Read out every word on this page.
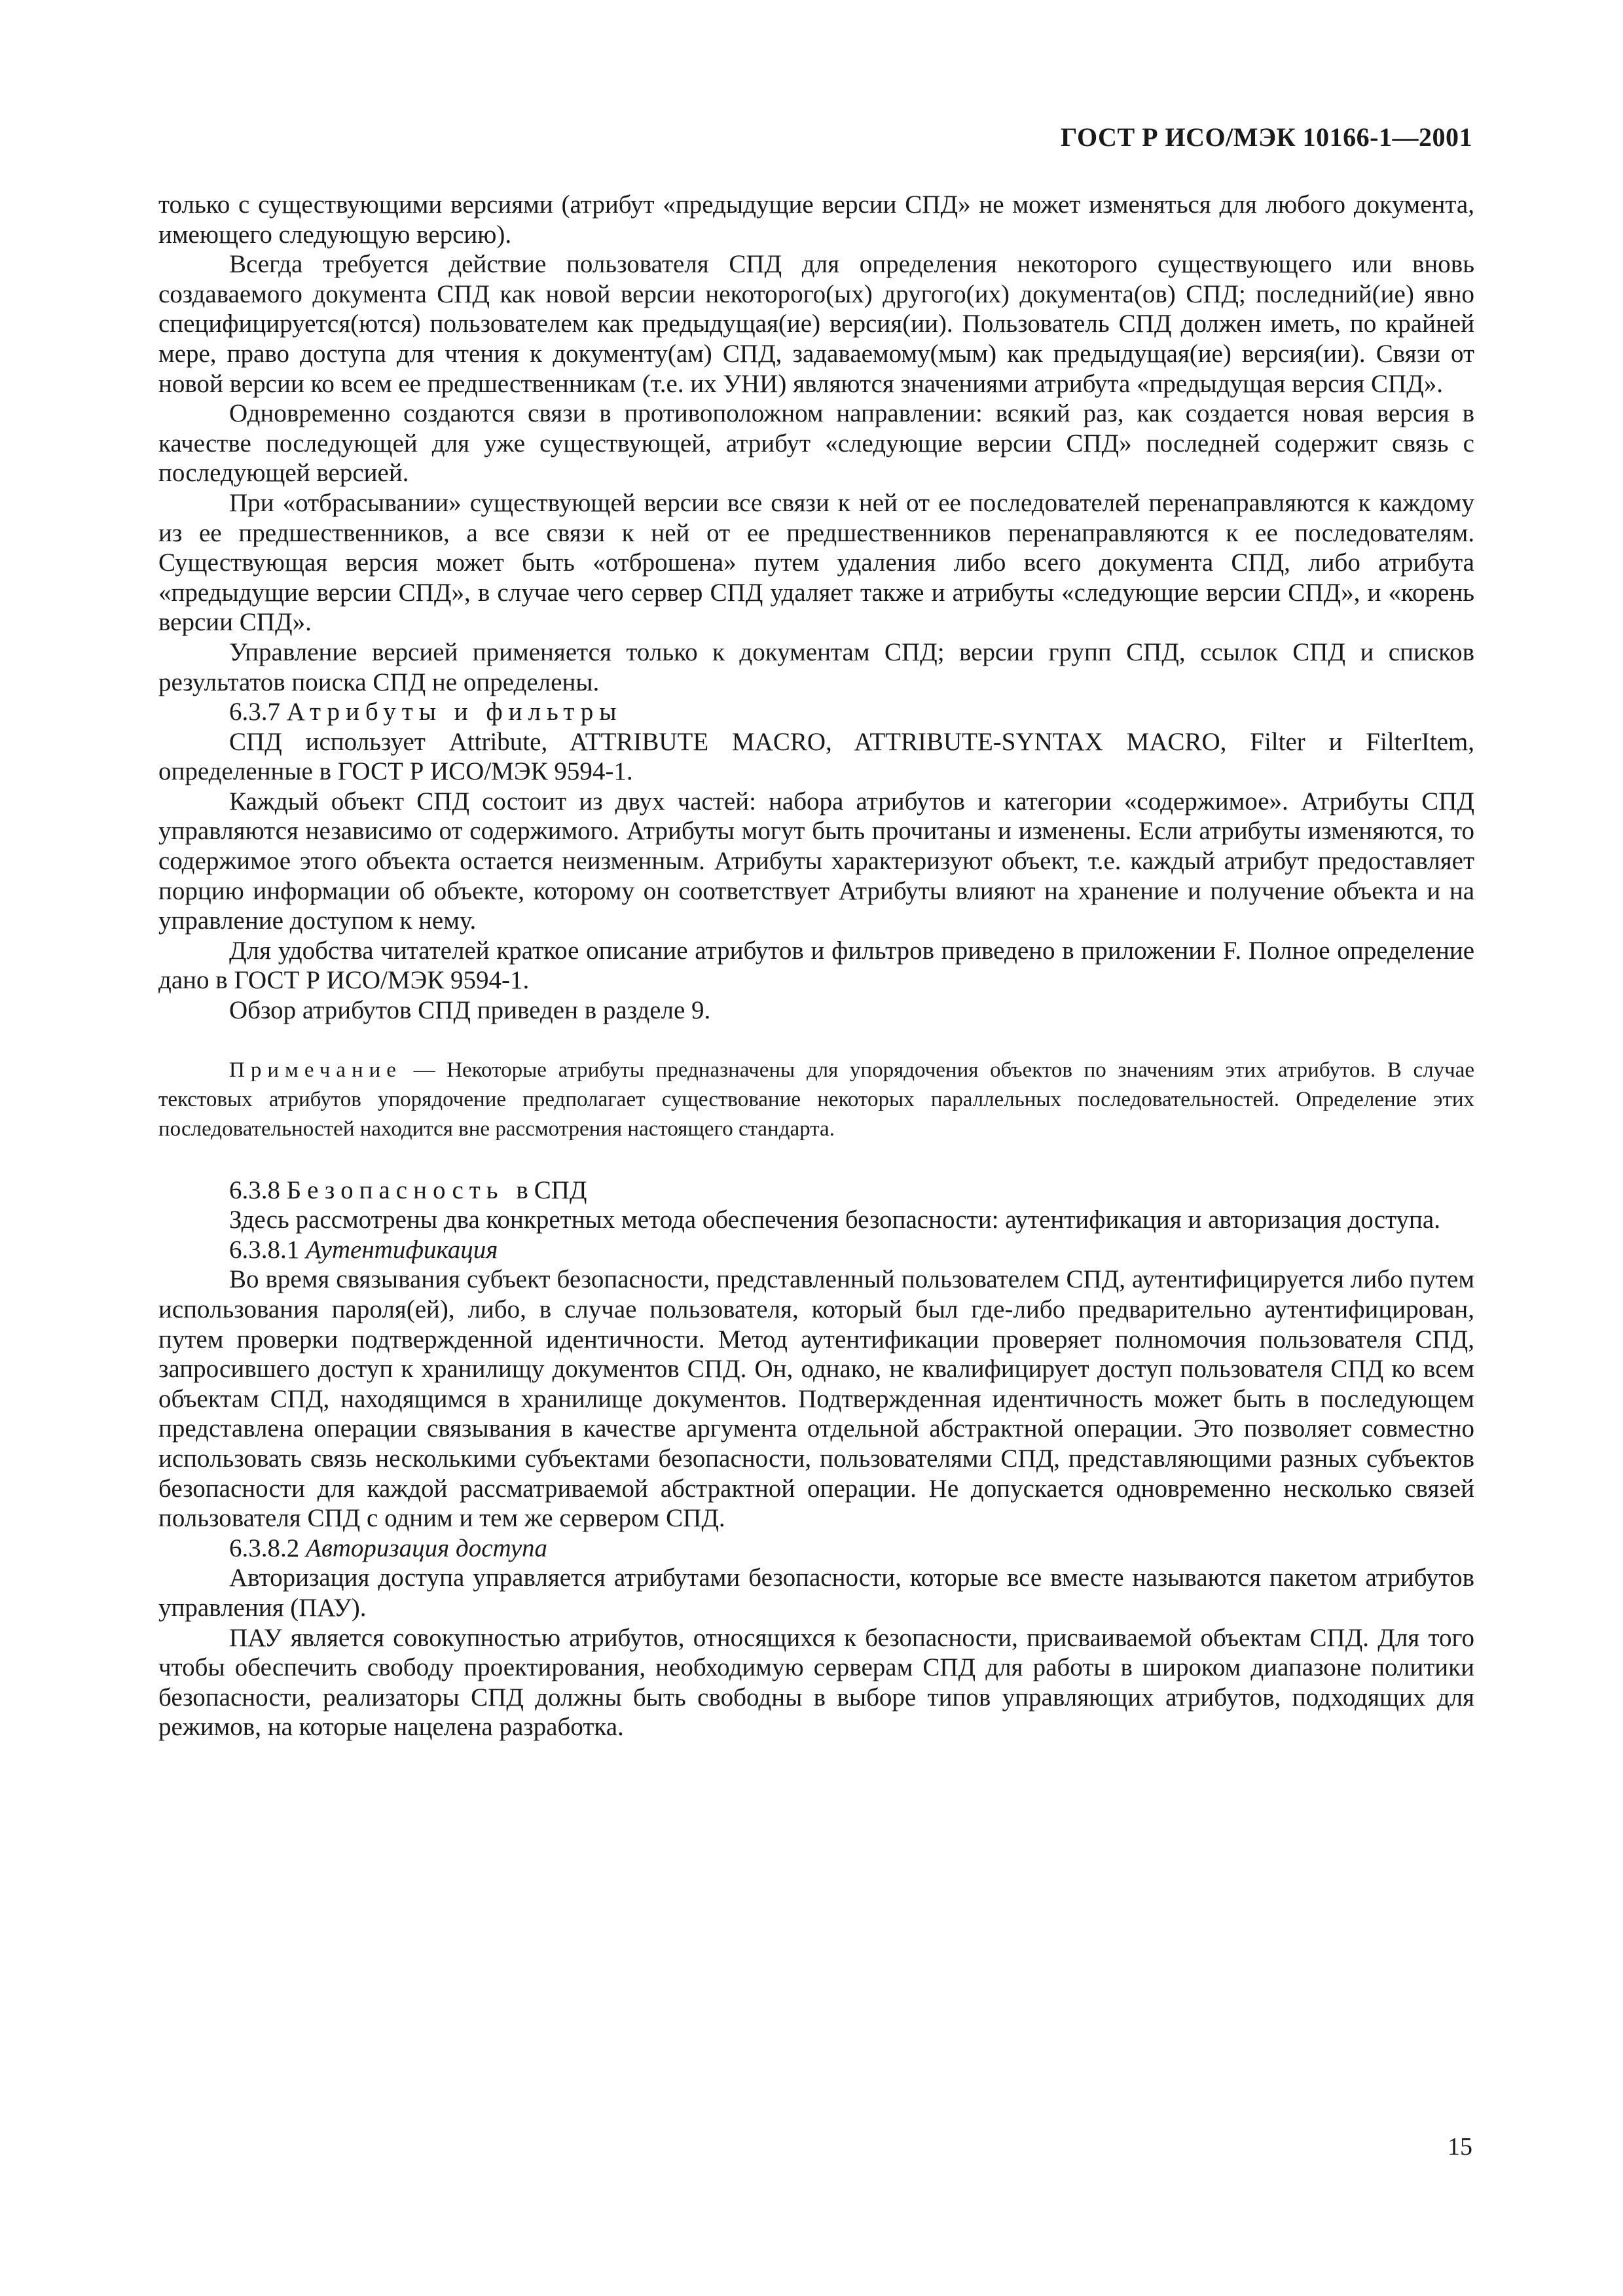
ГОСТ Р ИСО/МЭК 10166-1—2001

только с существующими версиями (атрибут «предыдущие версии СПД» не может изменяться для любого документа, имеющего следующую версию).

Всегда требуется действие пользователя СПД для определения некоторого существующего или вновь создаваемого документа СПД как новой версии некоторого(ых) другого(их) документа(ов) СПД; последний(ие) явно специфицируется(ются) пользователем как предыдущая(ие) версия(ии). Пользователь СПД должен иметь, по крайней мере, право доступа для чтения к документу(ам) СПД, задаваемому(мым) как предыдущая(ие) версия(ии). Связи от новой версии ко всем ее предшественникам (т.е. их УНИ) являются значениями атрибута «предыдущая версия СПД».

Одновременно создаются связи в противоположном направлении: всякий раз, как создается новая версия в качестве последующей для уже существующей, атрибут «следующие версии СПД» последней содержит связь с последующей версией.

При «отбрасывании» существующей версии все связи к ней от ее последователей перенаправляются к каждому из ее предшественников, а все связи к ней от ее предшественников перенаправляются к ее последователям. Существующая версия может быть «отброшена» путем удаления либо всего документа СПД, либо атрибута «предыдущие версии СПД», в случае чего сервер СПД удаляет также и атрибуты «следующие версии СПД», и «корень версии СПД».

Управление версией применяется только к документам СПД; версии групп СПД, ссылок СПД и списков результатов поиска СПД не определены.

6.3.7 Атрибуты и фильтры

СПД использует Attribute, ATTRIBUTE MACRO, ATTRIBUTE-SYNTAX MACRO, Filter и FilterItem, определенные в ГОСТ Р ИСО/МЭК 9594-1.

Каждый объект СПД состоит из двух частей: набора атрибутов и категории «содержимое». Атрибуты СПД управляются независимо от содержимого. Атрибуты могут быть прочитаны и изменены. Если атрибуты изменяются, то содержимое этого объекта остается неизменным. Атрибуты характеризуют объект, т.е. каждый атрибут предоставляет порцию информации об объекте, которому он соответствует Атрибуты влияют на хранение и получение объекта и на управление доступом к нему.

Для удобства читателей краткое описание атрибутов и фильтров приведено в приложении F. Полное определение дано в ГОСТ Р ИСО/МЭК 9594-1.

Обзор атрибутов СПД приведен в разделе 9.

Примечание — Некоторые атрибуты предназначены для упорядочения объектов по значениям этих атрибутов. В случае текстовых атрибутов упорядочение предполагает существование некоторых параллельных последовательностей. Определение этих последовательностей находится вне рассмотрения настоящего стандарта.

6.3.8 Безопасность вСПД

Здесь рассмотрены два конкретных метода обеспечения безопасности: аутентификация и авторизация доступа.

6.3.8.1 Аутентификация

Во время связывания субъект безопасности, представленный пользователем СПД, аутентифицируется либо путем использования пароля(ей), либо, в случае пользователя, который был где-либо предварительно аутентифицирован, путем проверки подтвержденной идентичности. Метод аутентификации проверяет полномочия пользователя СПД, запросившего доступ к хранилищу документов СПД. Он, однако, не квалифицирует доступ пользователя СПД ко всем объектам СПД, находящимся в хранилище документов. Подтвержденная идентичность может быть в последующем представлена операции связывания в качестве аргумента отдельной абстрактной операции. Это позволяет совместно использовать связь несколькими субъектами безопасности, пользователями СПД, представляющими разных субъектов безопасности для каждой рассматриваемой абстрактной операции. Не допускается одновременно несколько связей пользователя СПД с одним и тем же сервером СПД.

6.3.8.2 Авторизация доступа

Авторизация доступа управляется атрибутами безопасности, которые все вместе называются пакетом атрибутов управления (ПАУ).

ПАУ является совокупностью атрибутов, относящихся к безопасности, присваиваемой объектам СПД. Для того чтобы обеспечить свободу проектирования, необходимую серверам СПД для работы в широком диапазоне политики безопасности, реализаторы СПД должны быть свободны в выборе типов управляющих атрибутов, подходящих для режимов, на которые нацелена разработка.

15
